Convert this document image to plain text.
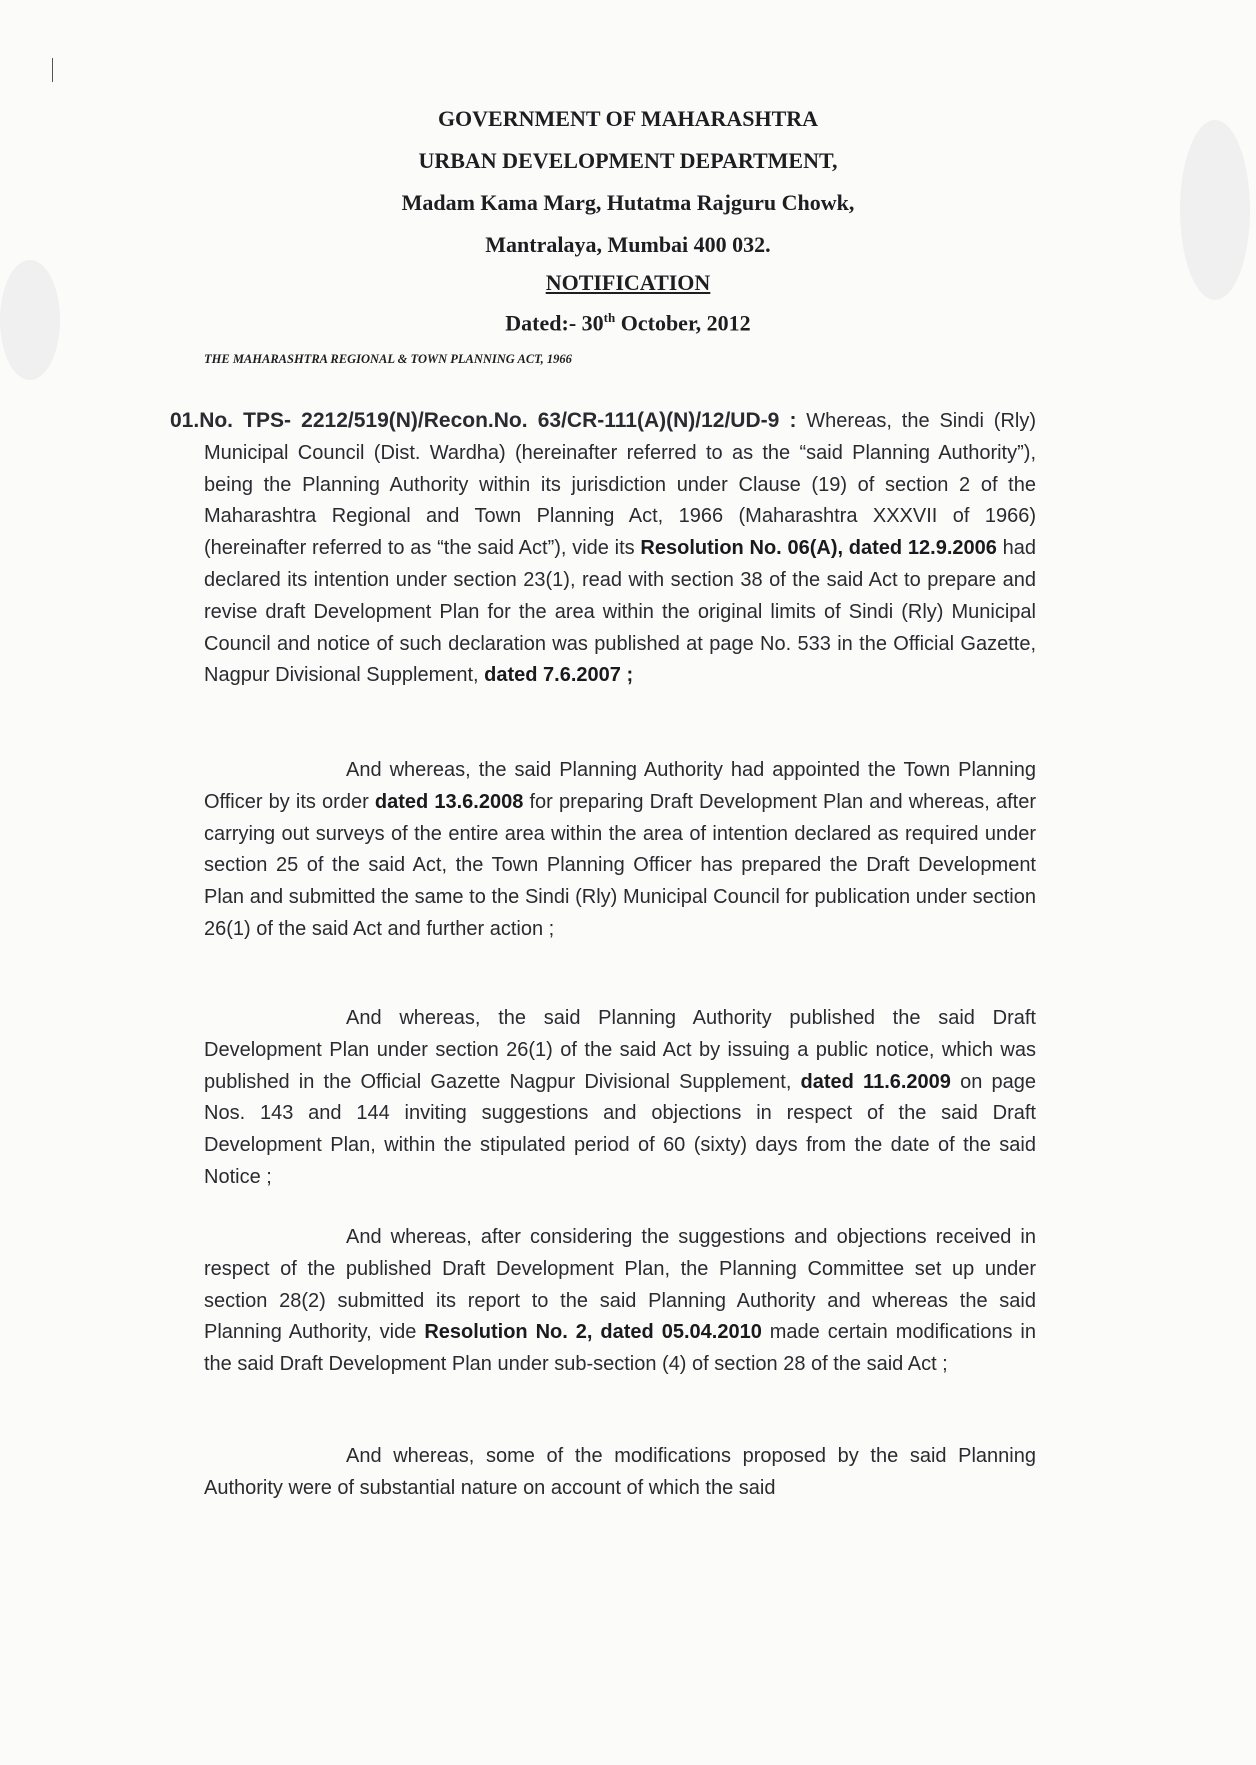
GOVERNMENT OF MAHARASHTRA
URBAN DEVELOPMENT DEPARTMENT,
Madam Kama Marg, Hutatma Rajguru Chowk,
Mantralaya, Mumbai 400 032.
NOTIFICATION
Dated:- 30th October, 2012
THE MAHARASHTRA REGIONAL & TOWN PLANNING ACT, 1966
01.No. TPS- 2212/519(N)/Recon.No. 63/CR-111(A)(N)/12/UD-9 : Whereas, the Sindi (Rly) Municipal Council (Dist. Wardha) (hereinafter referred to as the “said Planning Authority”), being the Planning Authority within its jurisdiction under Clause (19) of section 2 of the Maharashtra Regional and Town Planning Act, 1966 (Maharashtra XXXVII of 1966) (hereinafter referred to as “the said Act”), vide its Resolution No. 06(A), dated 12.9.2006 had declared its intention under section 23(1), read with section 38 of the said Act to prepare and revise draft Development Plan for the area within the original limits of Sindi (Rly) Municipal Council and notice of such declaration was published at page No. 533 in the Official Gazette, Nagpur Divisional Supplement, dated 7.6.2007 ;
And whereas, the said Planning Authority had appointed the Town Planning Officer by its order dated 13.6.2008 for preparing Draft Development Plan and whereas, after carrying out surveys of the entire area within the area of intention declared as required under section 25 of the said Act, the Town Planning Officer has prepared the Draft Development Plan and submitted the same to the Sindi (Rly) Municipal Council for publication under section 26(1) of the said Act and further action ;
And whereas, the said Planning Authority published the said Draft Development Plan under section 26(1) of the said Act by issuing a public notice, which was published in the Official Gazette Nagpur Divisional Supplement, dated 11.6.2009 on page Nos. 143 and 144 inviting suggestions and objections in respect of the said Draft Development Plan, within the stipulated period of 60 (sixty) days from the date of the said Notice ;
And whereas, after considering the suggestions and objections received in respect of the published Draft Development Plan, the Planning Committee set up under section 28(2) submitted its report to the said Planning Authority and whereas the said Planning Authority, vide Resolution No. 2, dated 05.04.2010 made certain modifications in the said Draft Development Plan under sub-section (4) of section 28 of the said Act ;
And whereas, some of the modifications proposed by the said Planning Authority were of substantial nature on account of which the said
